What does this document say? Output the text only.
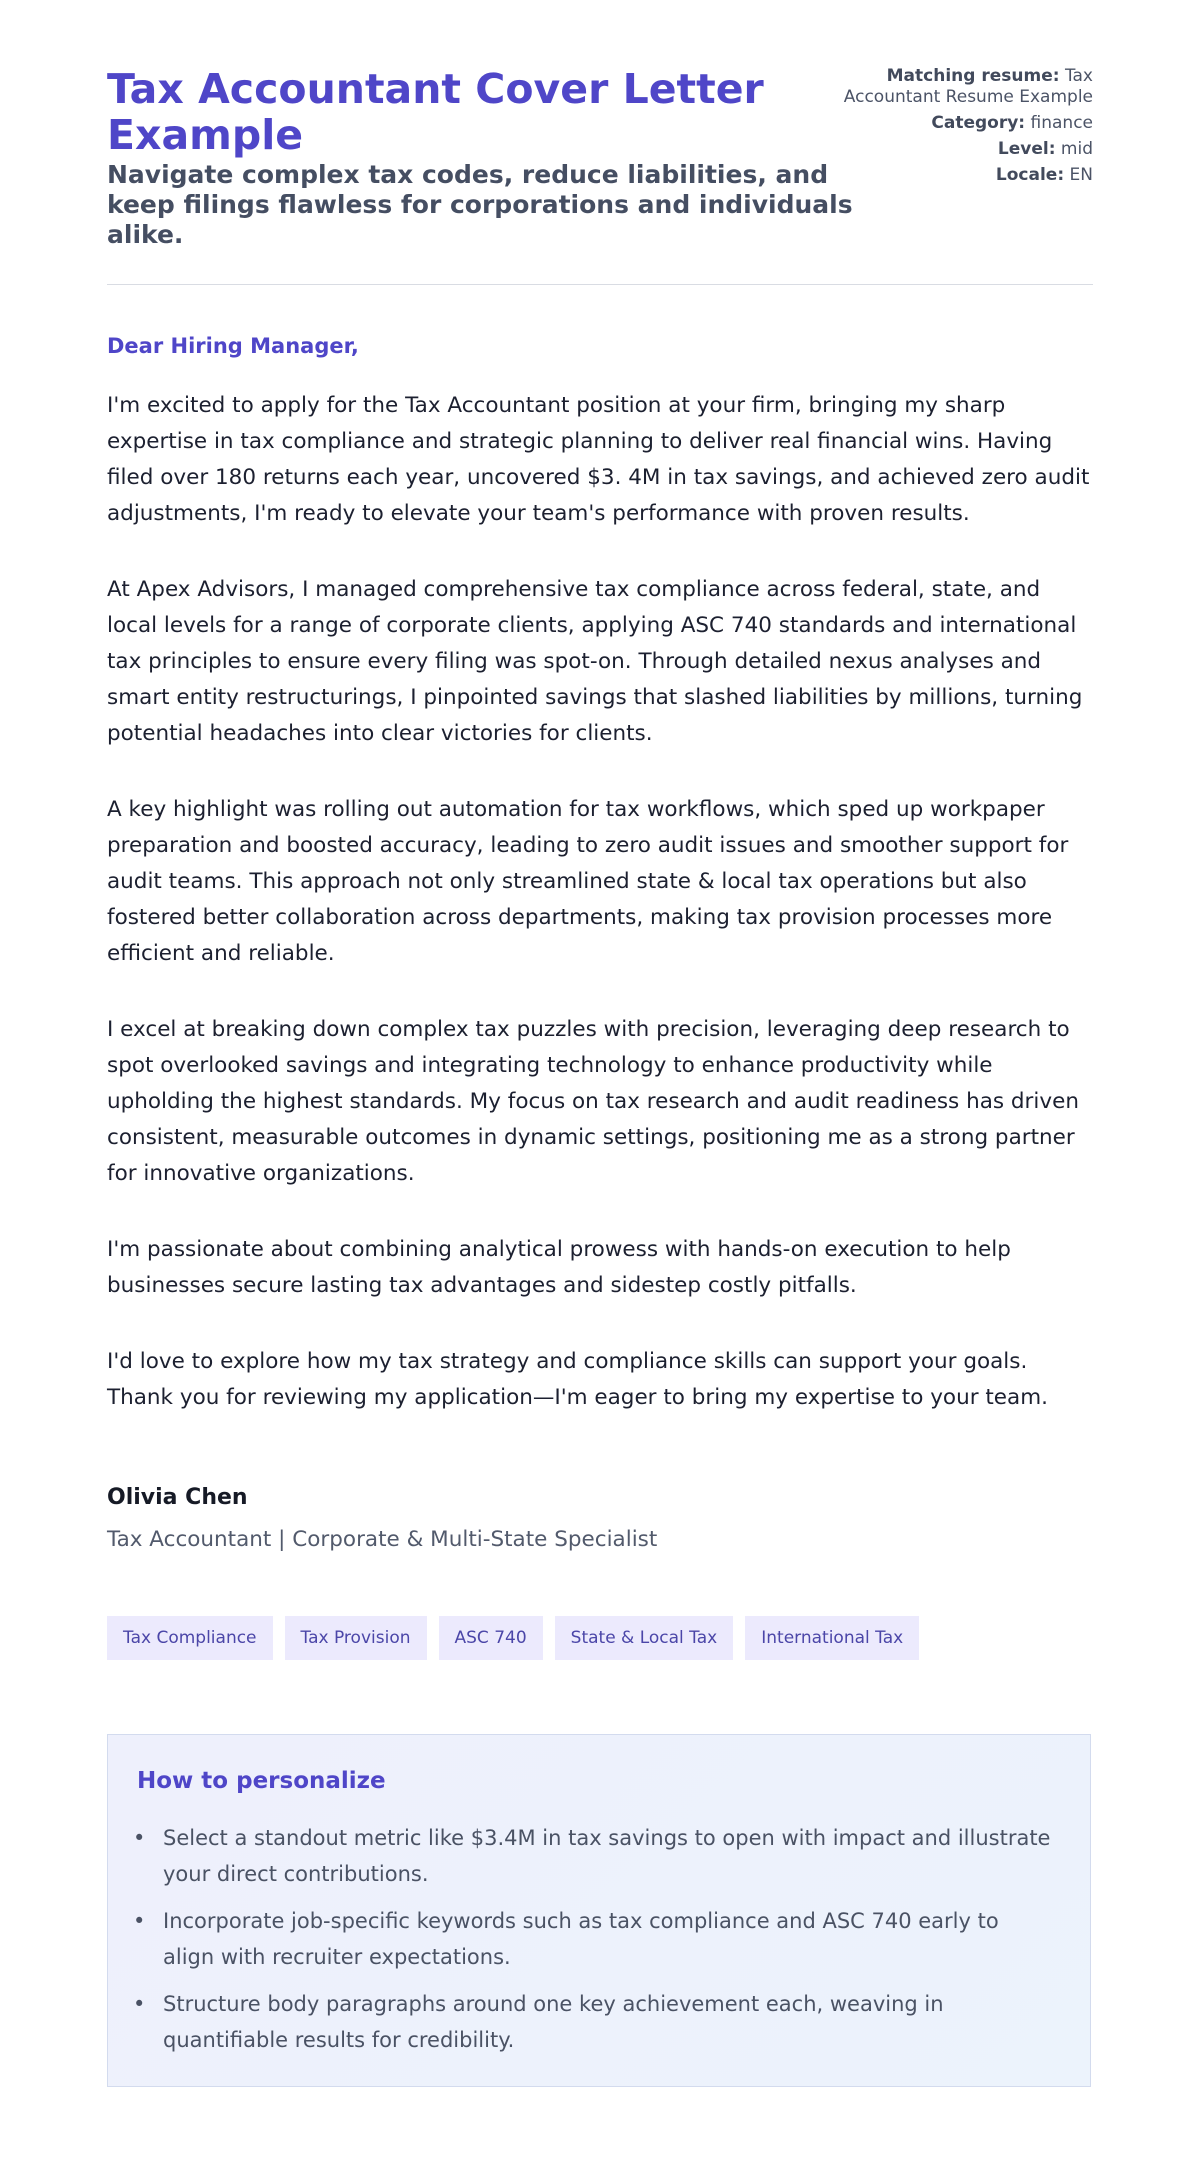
Tax Accountant Cover Letter Example
Navigate complex tax codes, reduce liabilities, and keep filings flawless for corporations and individuals alike.
Matching resume: Tax Accountant Resume Example
Category: finance
Level: mid
Locale: EN
Dear Hiring Manager,

I'm excited to apply for the Tax Accountant position at your firm, bringing my sharp expertise in tax compliance and strategic planning to deliver real financial wins. Having filed over 180 returns each year, uncovered $3. 4M in tax savings, and achieved zero audit adjustments, I'm ready to elevate your team's performance with proven results.

At Apex Advisors, I managed comprehensive tax compliance across federal, state, and local levels for a range of corporate clients, applying ASC 740 standards and international tax principles to ensure every filing was spot-on. Through detailed nexus analyses and smart entity restructurings, I pinpointed savings that slashed liabilities by millions, turning potential headaches into clear victories for clients.

A key highlight was rolling out automation for tax workflows, which sped up workpaper preparation and boosted accuracy, leading to zero audit issues and smoother support for audit teams. This approach not only streamlined state & local tax operations but also fostered better collaboration across departments, making tax provision processes more efficient and reliable.

I excel at breaking down complex tax puzzles with precision, leveraging deep research to spot overlooked savings and integrating technology to enhance productivity while upholding the highest standards. My focus on tax research and audit readiness has driven consistent, measurable outcomes in dynamic settings, positioning me as a strong partner for innovative organizations.

I'm passionate about combining analytical prowess with hands-on execution to help businesses secure lasting tax advantages and sidestep costly pitfalls.

I'd love to explore how my tax strategy and compliance skills can support your goals. Thank you for reviewing my application—I'm eager to bring my expertise to your team.

Olivia Chen
Tax Accountant | Corporate & Multi-State Specialist
Tax Compliance	Tax Provision	ASC 740	State & Local Tax	International Tax
How to personalize
• Select a standout metric like $3.4M in tax savings to open with impact and illustrate your direct contributions.
• Incorporate job-specific keywords such as tax compliance and ASC 740 early to align with recruiter expectations.
• Structure body paragraphs around one key achievement each, weaving in quantifiable results for credibility.
